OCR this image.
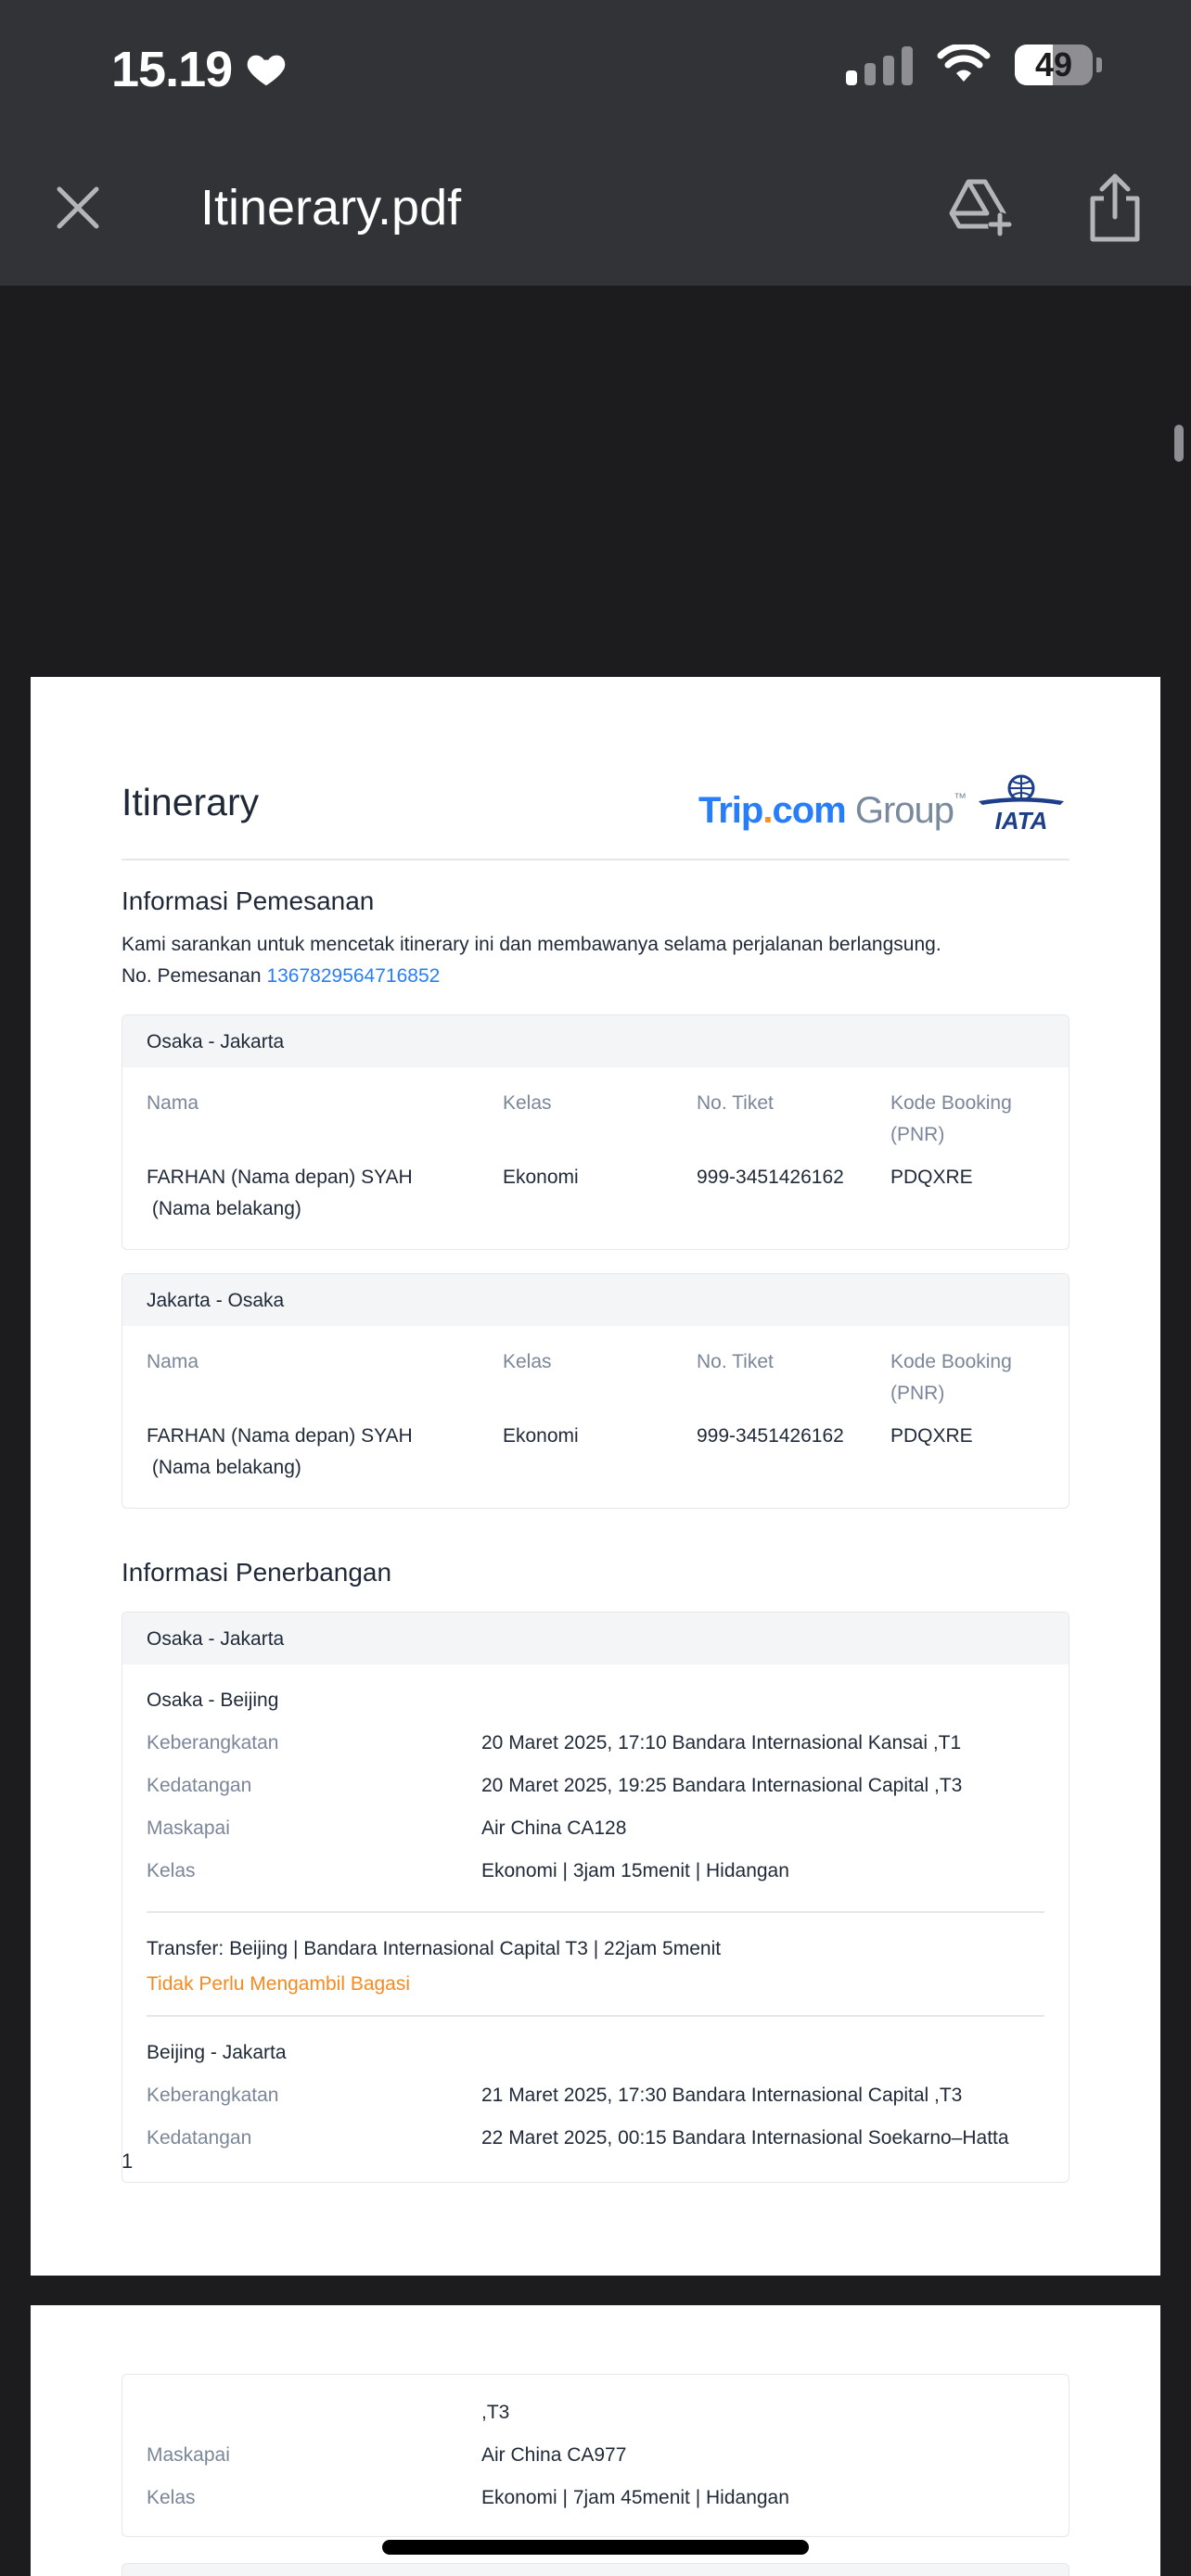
15.19	49
Itinerary.pdf
Itinerary	Trip.com Group™
IATA
Informasi Pemesanan
Kami sarankan untuk mencetak itinerary ini dan membawanya selama perjalanan berlangsung.
No. Pemesanan 1367829564716852
Osaka - Jakarta
Nama	Kelas	No. Tiket	Kode Booking
(PNR)
FARHAN (Nama depan) SYAH
(Nama belakang)
Ekonomi	999-3451426162 PDQXRE
Jakarta - Osaka
Nama	Kelas	No. Tiket	Kode Booking
(PNR)
FARHAN (Nama depan) SYAH
(Nama belakang)
Ekonomi	999-3451426162 PDQXRE
Informasi Penerbangan
Osaka - Jakarta
Osaka - Beijing
Keberangkatan	20 Maret 2025, 17:10 Bandara Internasional Kansai ,T1
Kedatangan	20 Maret 2025, 19:25 Bandara Internasional Capital ,T3
Maskapai	Air China CA128
Kelas	Ekonomi | 3jam 15menit | Hidangan
Transfer: Beijing | Bandara Internasional Capital T3 | 22jam 5menit
Tidak Perlu Mengambil Bagasi
Beijing - Jakarta
Keberangkatan	21 Maret 2025, 17:30 Bandara Internasional Capital ,T3
Kedatangan	22 Maret 2025, 00:15 Bandara Internasional Soekarno–Hatta
1
,T3
Maskapai	Air China CA977
Kelas	Ekonomi | 7jam 45menit | Hidangan
